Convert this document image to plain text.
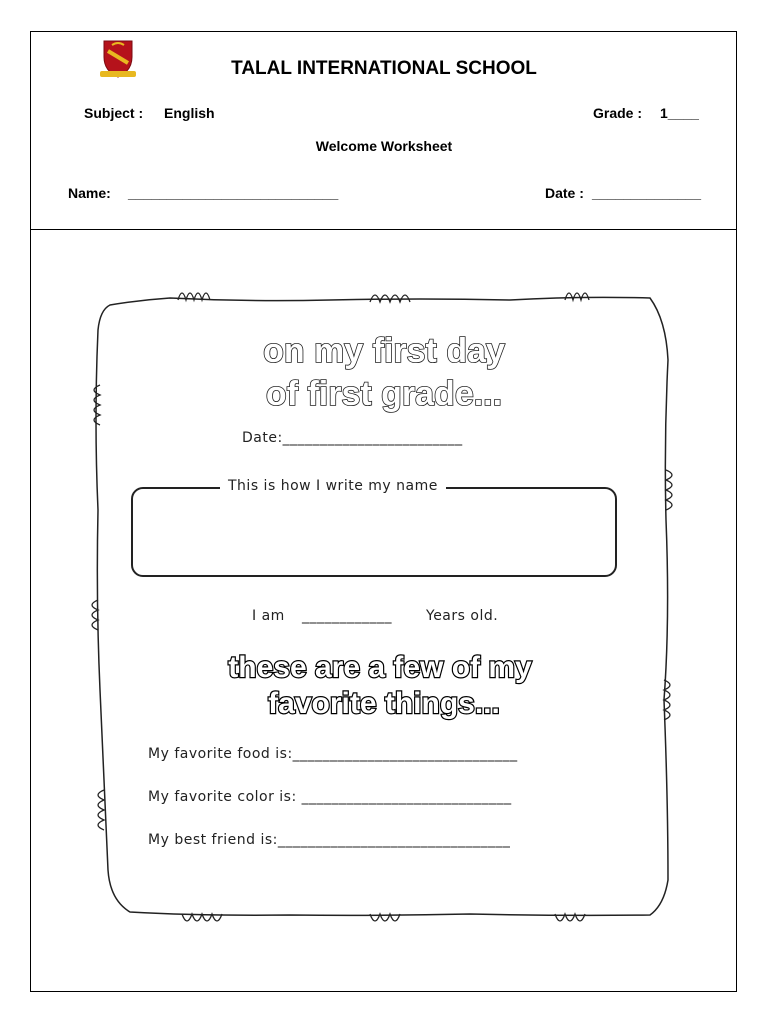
TALAL INTERNATIONAL SCHOOL
Subject : English	Grade : 1____
Welcome Worksheet
Name: ___________________________	Date : ______________
on my first day
of first grade...
these are a few of my
favorite things...
Date:________________________
This is how I write my name
I am ____________ Years old.
My favorite food is:______________________________
My favorite color is: ____________________________
My best friend is:_______________________________
